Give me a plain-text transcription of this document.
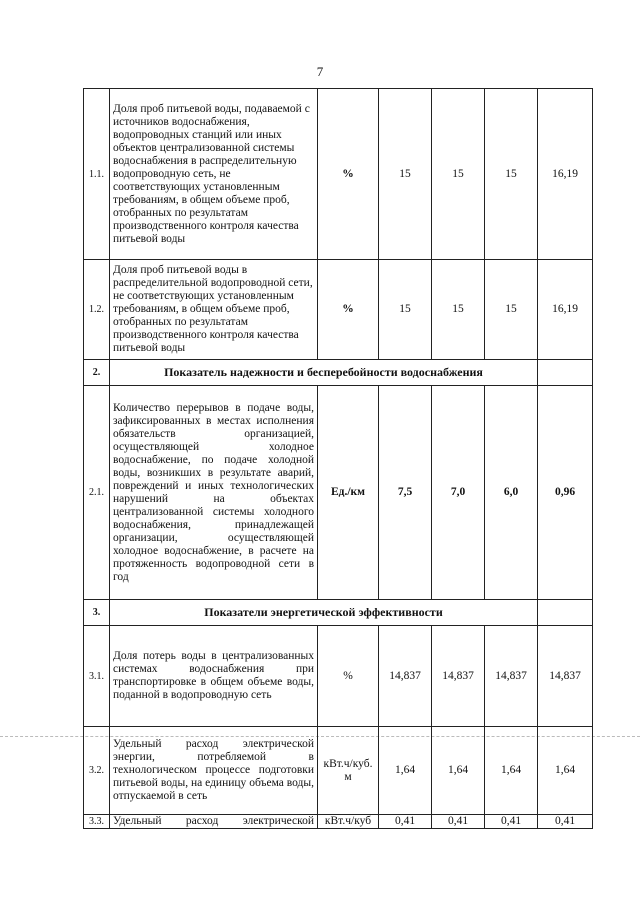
7
1.1.	Доля проб питьевой воды, подаваемой с источников водоснабжения, водопроводных станций или иных объектов централизованной системы водоснабжения в распределительную водопроводную сеть, не соответствующих установленным требованиям, в общем объеме проб, отобранных по результатам производственного контроля качества питьевой воды	%	15	15	15	16,19
1.2.	Доля проб питьевой воды в распределительной водопроводной сети, не соответствующих установленным требованиям, в общем объеме проб, отобранных по результатам производственного контроля качества питьевой воды	%	15	15	15	16,19
2.	Показатель надежности и бесперебойности водоснабжения					
2.1.	Количество перерывов в подаче воды, зафиксированных в местах исполнения обязательств организацией, осуществляющей холодное водоснабжение, по подаче холодной воды, возникших в результате аварий, повреждений и иных технологических нарушений на объектах централизованной системы холодного водоснабжения, принадлежащей организации, осуществляющей холодное водоснабжение, в расчете на протяженность водопроводной сети в год	Ед./км	7,5	7,0	6,0	0,96
3.	Показатели энергетической эффективности					
3.1.	Доля потерь воды в централизованных системах водоснабжения при транспортировке в общем объеме воды, поданной в водопроводную сеть	%	14,837	14,837	14,837	14,837
3.2.	Удельный расход электрической энергии, потребляемой в технологическом процессе подготовки питьевой воды, на единицу объема воды, отпускаемой в сеть	кВт.ч/куб. м	1,64	1,64	1,64	1,64
3.3.	Удельный расход электрической	кВт.ч/куб	0,41	0,41	0,41	0,41
